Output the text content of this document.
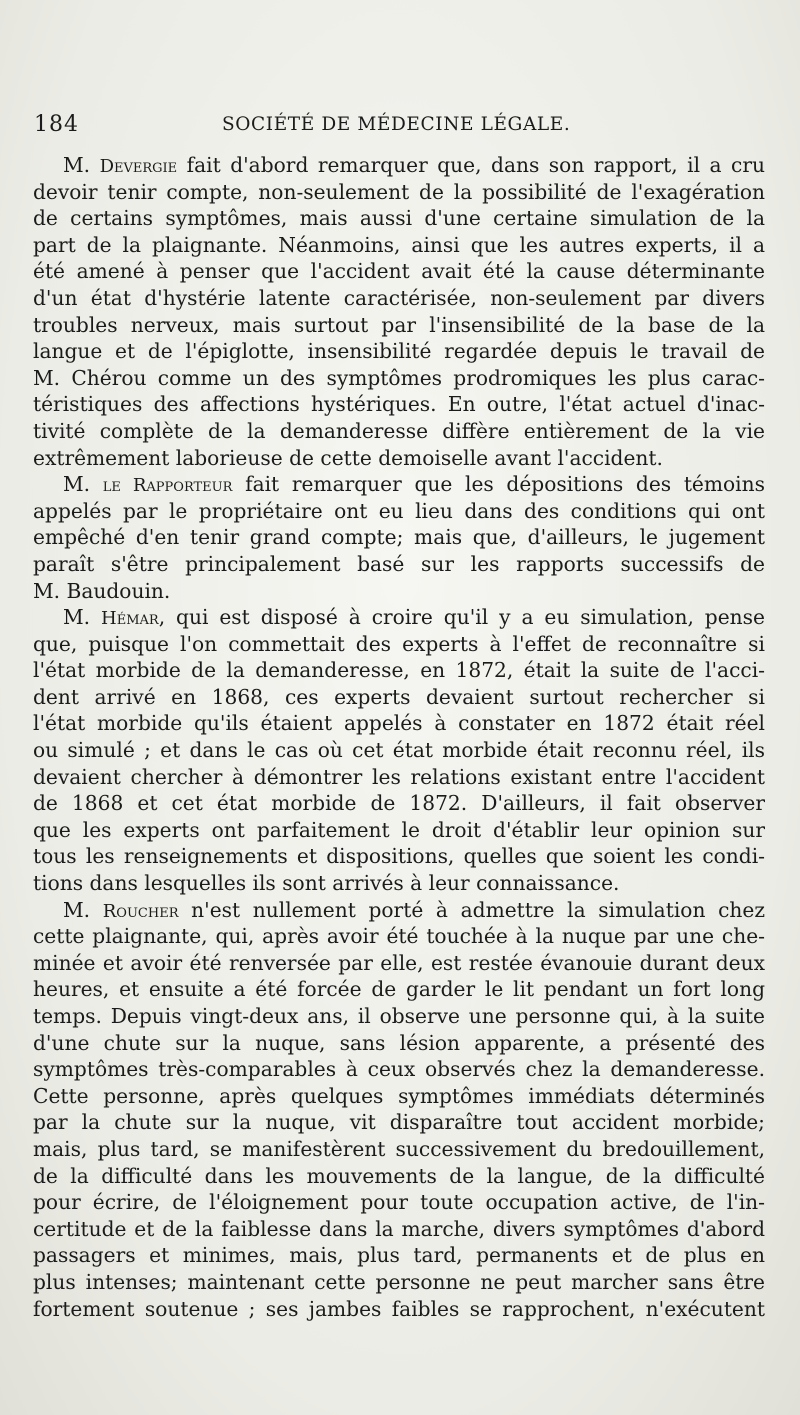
184	SOCIÉTÉ DE MÉDECINE LÉGALE.
M. Devergie fait d'abord remarquer que, dans son rapport, il a cru
devoir tenir compte, non-seulement de la possibilité de l'exagération
de certains symptômes, mais aussi d'une certaine simulation de la
part de la plaignante. Néanmoins, ainsi que les autres experts, il a
été amené à penser que l'accident avait été la cause déterminante
d'un état d'hystérie latente caractérisée, non-seulement par divers
troubles nerveux, mais surtout par l'insensibilité de la base de la
langue et de l'épiglotte, insensibilité regardée depuis le travail de
M. Chérou comme un des symptômes prodromiques les plus carac-
téristiques des affections hystériques. En outre, l'état actuel d'inac-
tivité complète de la demanderesse diffère entièrement de la vie
extrêmement laborieuse de cette demoiselle avant l'accident.
M. le Rapporteur fait remarquer que les dépositions des témoins
appelés par le propriétaire ont eu lieu dans des conditions qui ont
empêché d'en tenir grand compte; mais que, d'ailleurs, le jugement
paraît s'être principalement basé sur les rapports successifs de
M. Baudouin.
M. Hémar, qui est disposé à croire qu'il y a eu simulation, pense
que, puisque l'on commettait des experts à l'effet de reconnaître si
l'état morbide de la demanderesse, en 1872, était la suite de l'acci-
dent arrivé en 1868, ces experts devaient surtout rechercher si
l'état morbide qu'ils étaient appelés à constater en 1872 était réel
ou simulé ; et dans le cas où cet état morbide était reconnu réel, ils
devaient chercher à démontrer les relations existant entre l'accident
de 1868 et cet état morbide de 1872. D'ailleurs, il fait observer
que les experts ont parfaitement le droit d'établir leur opinion sur
tous les renseignements et dispositions, quelles que soient les condi-
tions dans lesquelles ils sont arrivés à leur connaissance.
M. Roucher n'est nullement porté à admettre la simulation chez
cette plaignante, qui, après avoir été touchée à la nuque par une che-
minée et avoir été renversée par elle, est restée évanouie durant deux
heures, et ensuite a été forcée de garder le lit pendant un fort long
temps. Depuis vingt-deux ans, il observe une personne qui, à la suite
d'une chute sur la nuque, sans lésion apparente, a présenté des
symptômes très-comparables à ceux observés chez la demanderesse.
Cette personne, après quelques symptômes immédiats déterminés
par la chute sur la nuque, vit disparaître tout accident morbide;
mais, plus tard, se manifestèrent successivement du bredouillement,
de la difficulté dans les mouvements de la langue, de la difficulté
pour écrire, de l'éloignement pour toute occupation active, de l'in-
certitude et de la faiblesse dans la marche, divers symptômes d'abord
passagers et minimes, mais, plus tard, permanents et de plus en
plus intenses; maintenant cette personne ne peut marcher sans être
fortement soutenue ; ses jambes faibles se rapprochent, n'exécutent
